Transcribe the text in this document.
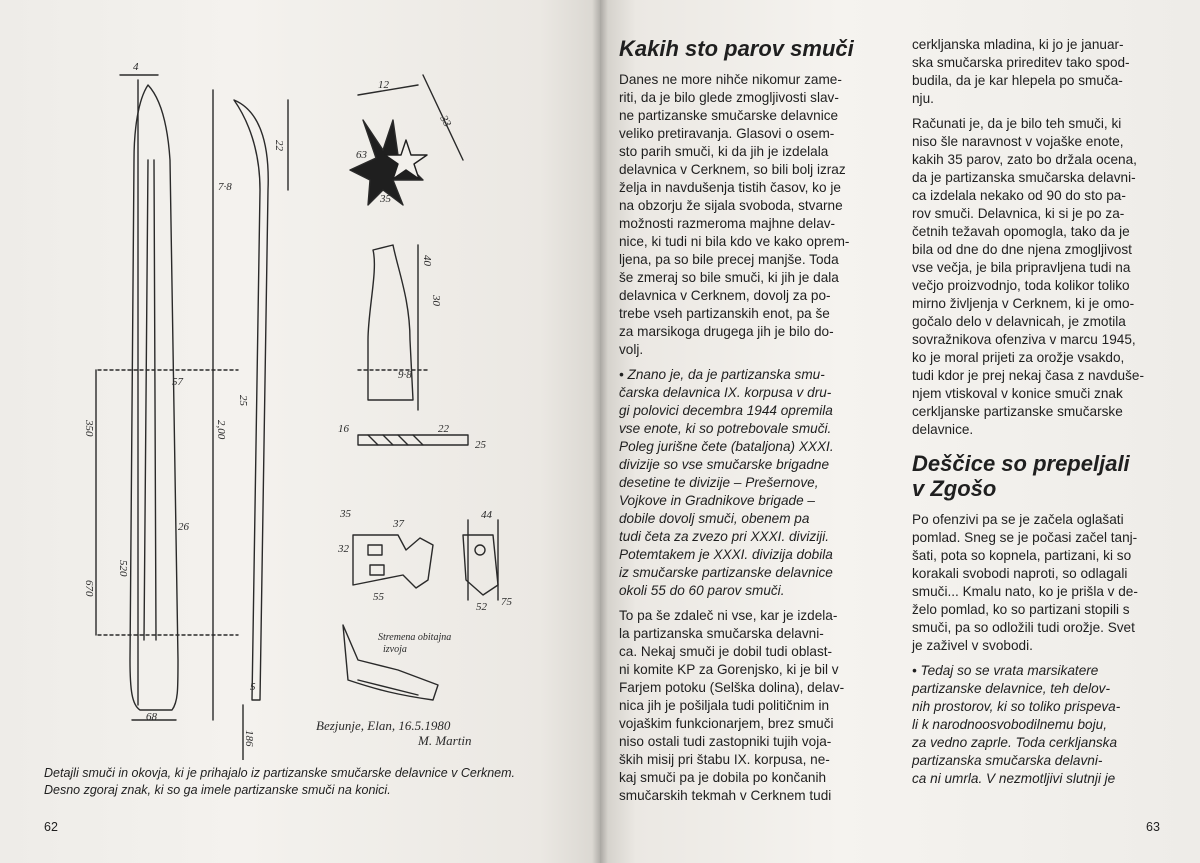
4
22
7·8
350
57
2,00
25
26
670
520
68
5
186
12
33
63
35
40
30
9·8
16	22
25
35
37
32
55
44
52 75
Stremena obitajna
izvoja
Bezjunje, Elan, 16.5.1980
M. Martin
Detajli smuči in okovja, ki je prihajalo iz partizanske smučarske delavnice v Cerknem.
Desno zgoraj znak, ki so ga imele partizanske smuči na konici.
62
Kakih sto parov smuči

Danes ne more nihče nikomur zame-
riti, da je bilo glede zmogljivosti slav-
ne partizanske smučarske delavnice
veliko pretiravanja. Glasovi o osem-
sto parih smuči, ki da jih je izdelala
delavnica v Cerknem, so bili bolj izraz
želja in navdušenja tistih časov, ko je
na obzorju že sijala svoboda, stvarne
možnosti razmeroma majhne delav-
nice, ki tudi ni bila kdo ve kako oprem-
ljena, pa so bile precej manjše. Toda
še zmeraj so bile smuči, ki jih je dala
delavnica v Cerknem, dovolj za po-
trebe vseh partizanskih enot, pa še
za marsikoga drugega jih je bilo do-
volj.

• Znano je, da je partizanska smu-
čarska delavnica IX. korpusa v dru-
gi polovici decembra 1944 opremila
vse enote, ki so potrebovale smuči.
Poleg jurišne čete (bataljona) XXXI.
divizije so vse smučarske brigadne
desetine te divizije – Prešernove,
Vojkove in Gradnikove brigade –
dobile dovolj smuči, obenem pa
tudi četa za zvezo pri XXXI. diviziji.
Potemtakem je XXXI. divizija dobila
iz smučarske partizanske delavnice
okoli 55 do 60 parov smuči.

To pa še zdaleč ni vse, kar je izdela-
la partizanska smučarska delavni-
ca. Nekaj smuči je dobil tudi oblast-
ni komite KP za Gorenjsko, ki je bil v
Farjem potoku (Selška dolina), delav-
nica jih je pošiljala tudi političnim in
vojaškim funkcionarjem, brez smuči
niso ostali tudi zastopniki tujih voja-
ških misij pri štabu IX. korpusa, ne-
kaj smuči pa je dobila po končanih
smučarskih tekmah v Cerknem tudi

cerkljanska mladina, ki jo je januar-
ska smučarska prireditev tako spod-
budila, da je kar hlepela po smuča-
nju.

Računati je, da je bilo teh smuči, ki
niso šle naravnost v vojaške enote,
kakih 35 parov, zato bo držala ocena,
da je partizanska smučarska delavni-
ca izdelala nekako od 90 do sto pa-
rov smuči. Delavnica, ki si je po za-
četnih težavah opomogla, tako da je
bila od dne do dne njena zmogljivost
vse večja, je bila pripravljena tudi na
večjo proizvodnjo, toda kolikor toliko
mirno življenja v Cerknem, ki je omo-
gočalo delo v delavnicah, je zmotila
sovražnikova ofenziva v marcu 1945,
ko je moral prijeti za orožje vsakdo,
tudi kdor je prej nekaj časa z navduše-
njem vtiskoval v konice smuči znak
cerkljanske partizanske smučarske
delavnice.

Deščice so prepeljali
v Zgošo

Po ofenzivi pa se je začela oglašati
pomlad. Sneg se je počasi začel tanj-
šati, pota so kopnela, partizani, ki so
korakali svobodi naproti, so odlagali
smuči... Kmalu nato, ko je prišla v de-
želo pomlad, ko so partizani stopili s
smuči, pa so odložili tudi orožje. Svet
je zaživel v svobodi.

• Tedaj so se vrata marsikatere
partizanske delavnice, teh delov-
nih prostorov, ki so toliko prispeva-
li k narodnoosvobodilnemu boju,
za vedno zaprle. Toda cerkljanska
partizanska smučarska delavni-
ca ni umrla. V nezmotljivi slutnji je

63
